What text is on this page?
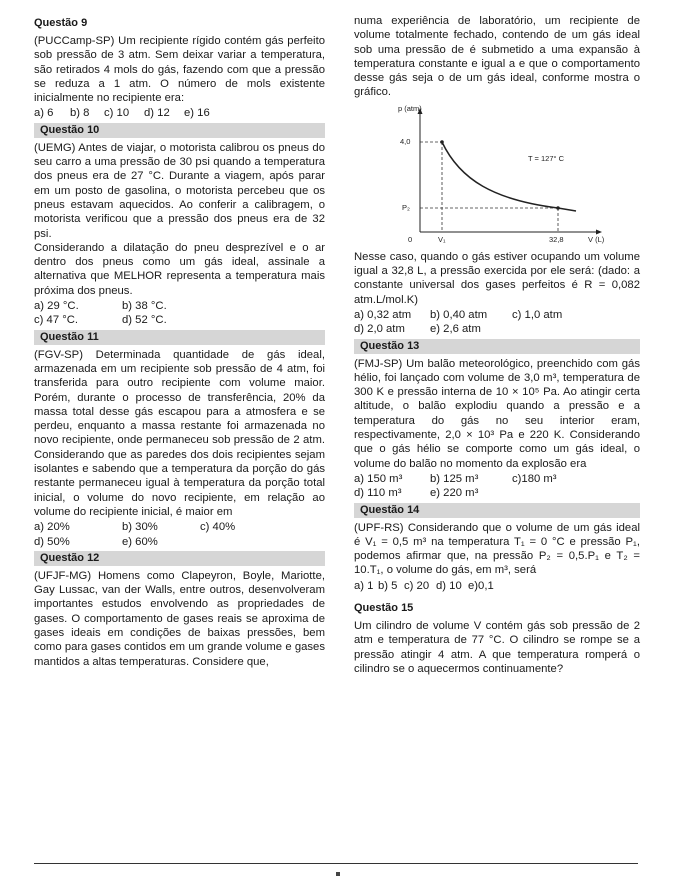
Questão 9

(PUCCamp-SP) Um recipiente rígido contém gás perfeito sob pressão de 3 atm. Sem deixar variar a temperatura, são retirados 4 mols do gás, fazendo com que a pressão se reduza a 1 atm. O número de mols existente inicialmente no recipiente era:

a) 6 b) 8 c) 10 d) 12 e) 16
Questão 10

(UEMG) Antes de viajar, o motorista calibrou os pneus do seu carro a uma pressão de 30 psi quando a temperatura dos pneus era de 27 °C. Durante a viagem, após parar em um posto de gasolina, o motorista percebeu que os pneus estavam aquecidos. Ao conferir a calibragem, o motorista verificou que a pressão dos pneus era de 32 psi.

Considerando a dilatação do pneu desprezível e o ar dentro dos pneus como um gás ideal, assinale a alternativa que MELHOR representa a temperatura mais próxima dos pneus.

a) 29 °C.	b) 38 °C.
c) 47 °C.	d) 52 °C.
Questão 11

(FGV-SP) Determinada quantidade de gás ideal, armazenada em um recipiente sob pressão de 4 atm, foi transferida para outro recipiente com volume maior. Porém, durante o processo de transferência, 20% da massa total desse gás escapou para a atmosfera e se perdeu, enquanto a massa restante foi armazenada no novo recipiente, onde permaneceu sob pressão de 2 atm. Considerando que as paredes dos dois recipientes sejam isolantes e sabendo que a temperatura da porção do gás restante permaneceu igual à temperatura da porção total inicial, o volume do novo recipiente, em relação ao volume do recipiente inicial, é maior em

a) 20%	b) 30%	c) 40%
d) 50%	e) 60%
Questão 12

(UFJF-MG) Homens como Clapeyron, Boyle, Mariotte, Gay Lussac, van der Walls, entre outros, desenvolveram importantes estudos envolvendo as propriedades de gases. O comportamento de gases reais se aproxima de gases ideais em condições de baixas pressões, bem como para gases contidos em um grande volume e gases mantidos a altas temperaturas. Considere que,

numa experiência de laboratório, um recipiente de volume totalmente fechado, contendo de um gás ideal sob uma pressão de é submetido a uma expansão à temperatura constante e igual a e que o comportamento desse gás seja o de um gás ideal, conforme mostra o gráfico.

p (atm)
4,0
P₂
0	V₁	32,8	V (L)
T = 127° C

Nesse caso, quando o gás estiver ocupando um volume igual a 32,8 L, a pressão exercida por ele será: (dado: a constante universal dos gases perfeitos é R = 0,082 atm.L/mol.K)

a) 0,32 atm b) 0,40 atm c) 1,0 atm
d) 2,0 atm e) 2,6 atm
Questão 13

(FMJ-SP) Um balão meteorológico, preenchido com gás hélio, foi lançado com volume de 3,0 m³, temperatura de 300 K e pressão interna de 10 × 10⁵ Pa. Ao atingir certa altitude, o balão explodiu quando a pressão e a temperatura do gás no seu interior eram, respectivamente, 2,0 × 10³ Pa e 220 K. Considerando que o gás hélio se comporte como um gás ideal, o volume do balão no momento da explosão era

a) 150 m³ b) 125 m³	c)180 m³
d) 110 m³	e) 220 m³
Questão 14

(UPF-RS) Considerando que o volume de um gás ideal é V₁ = 0,5 m³ na temperatura T₁ = 0 °C e pressão P₁, podemos afirmar que, na pressão P₂ = 0,5.P₁ e T₂ = 10.T₁, o volume do gás, em m³, será

a) 1 b) 5 c) 20 d) 10 e)0,1
Questão 15

Um cilindro de volume V contém gás sob pressão de 2 atm e temperatura de 77 °C. O cilindro se rompe se a pressão atingir 4 atm. A que temperatura romperá o cilindro se o aquecermos continuamente?
